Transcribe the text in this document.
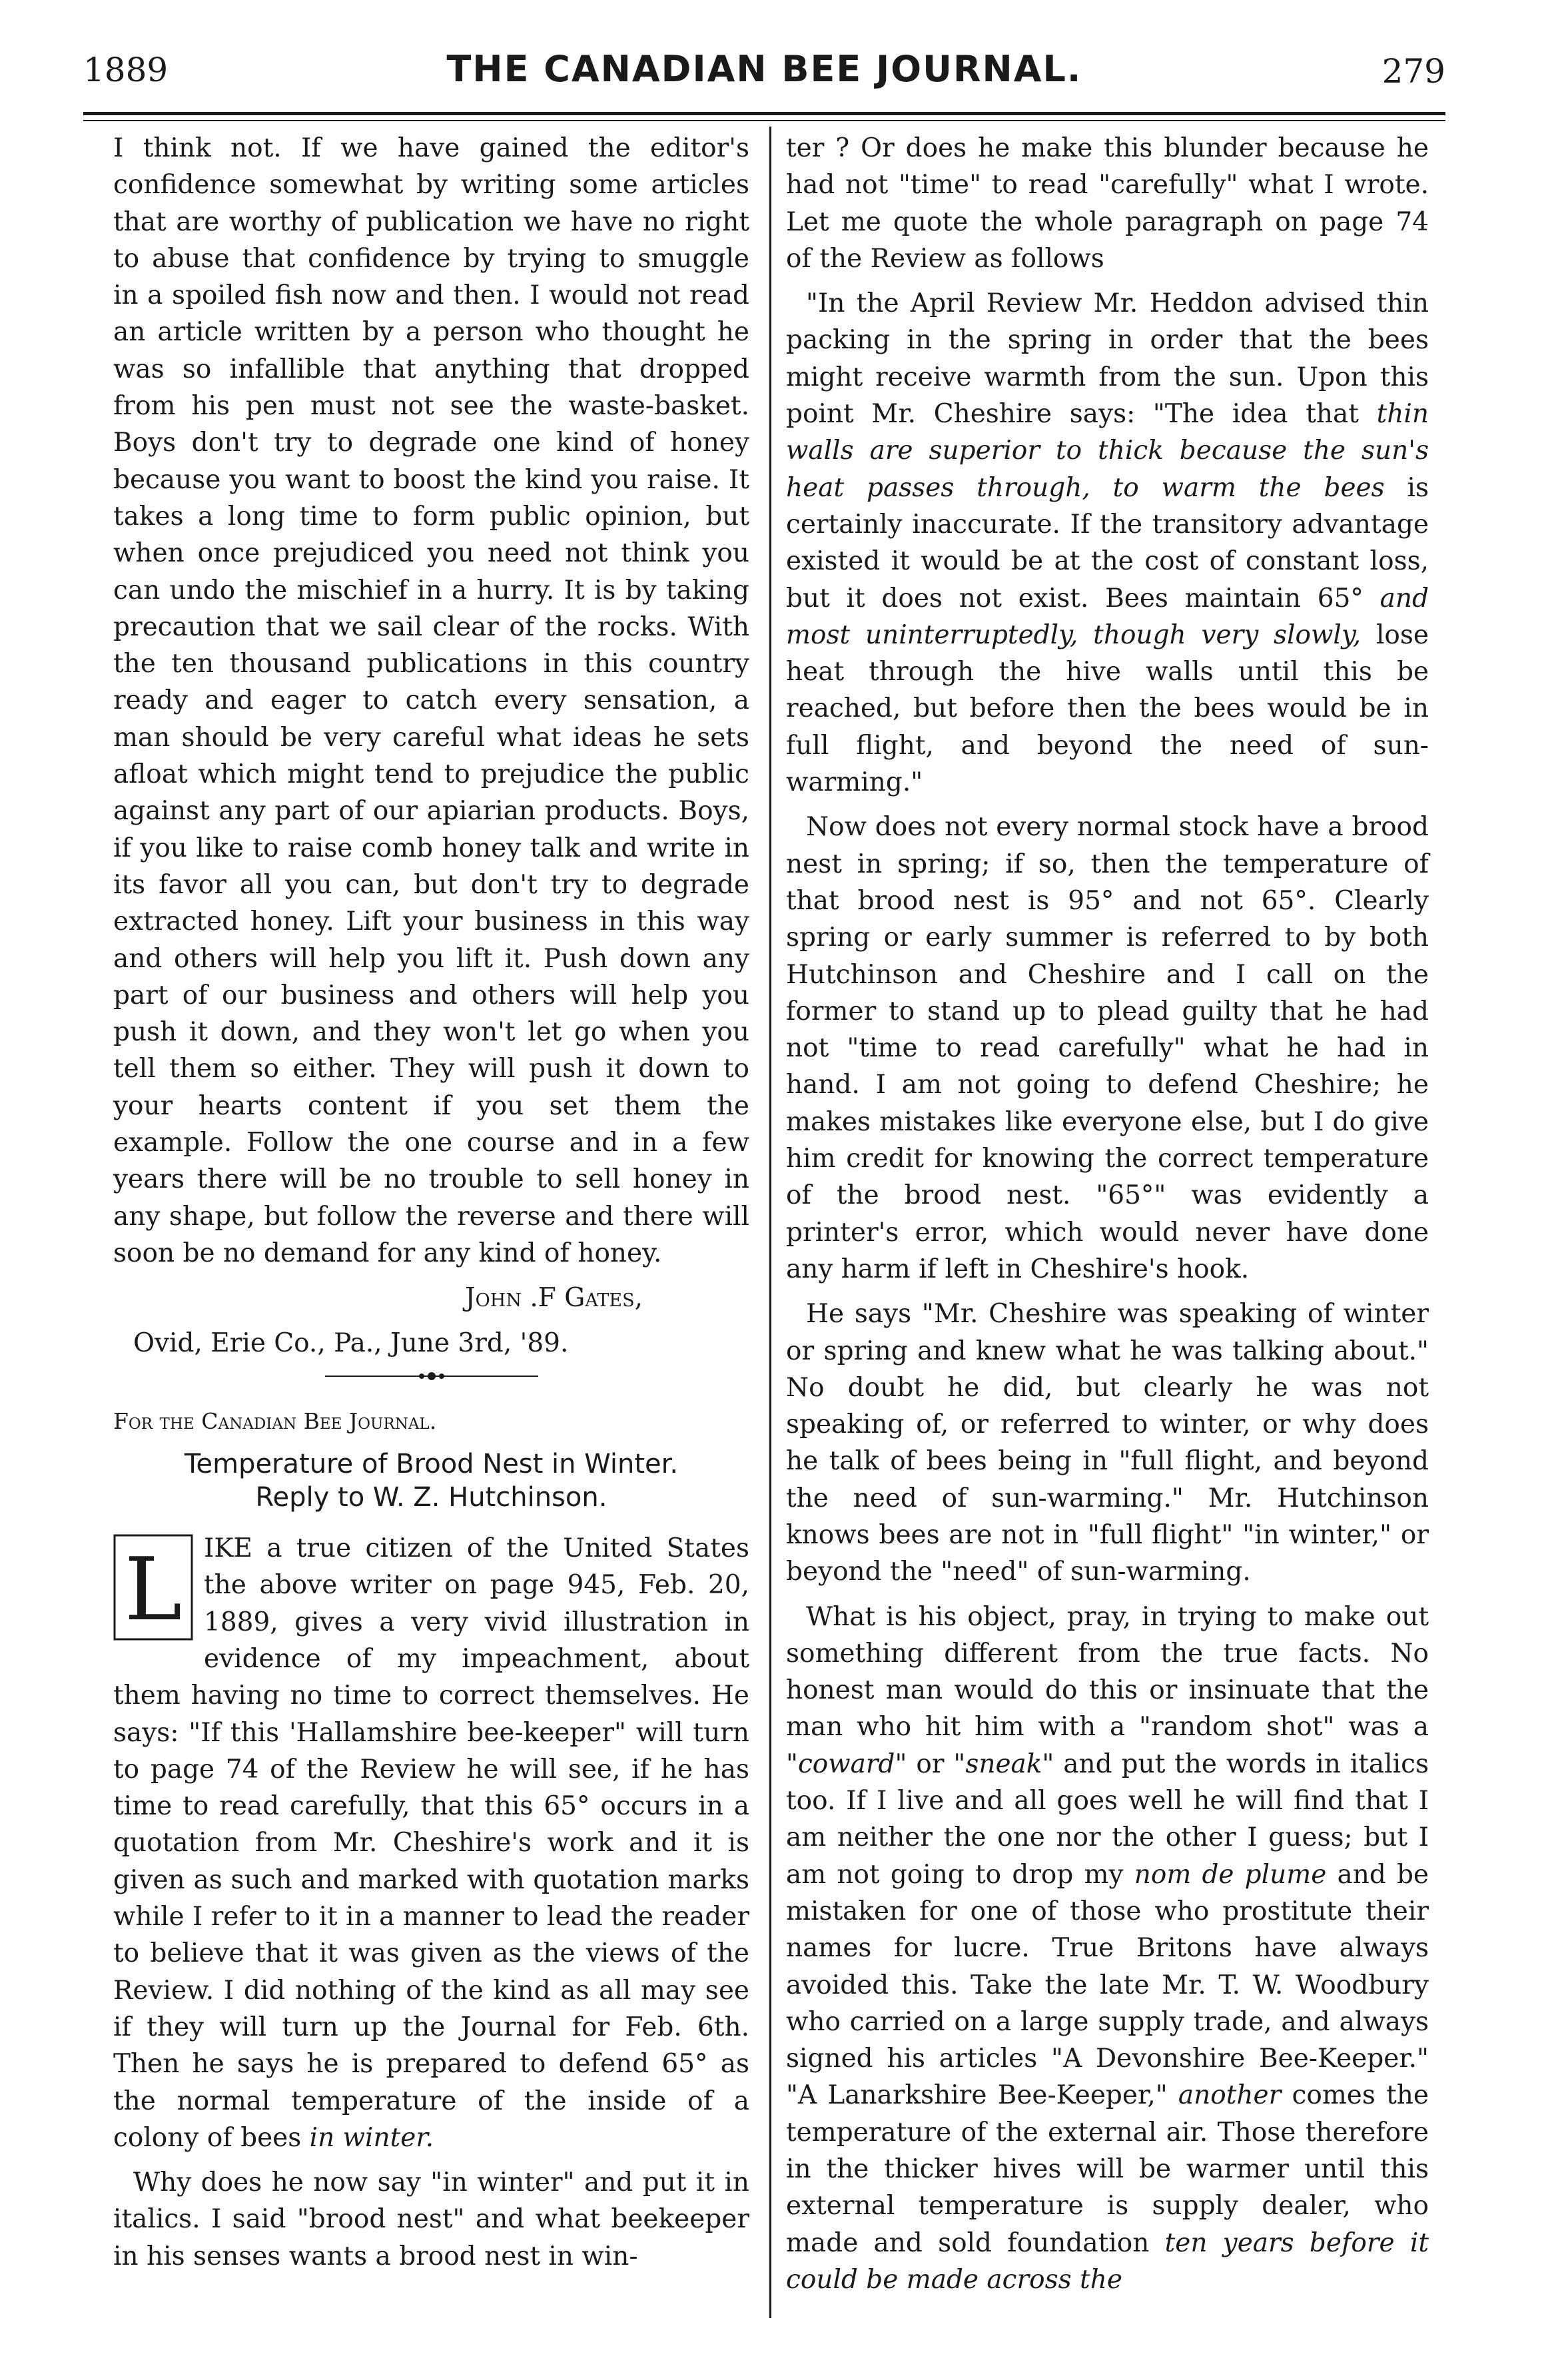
1889	THE CANADIAN BEE JOURNAL.	279

I think not. If we have gained the editor's confidence somewhat by writing some articles that are worthy of publication we have no right to abuse that confidence by trying to smuggle in a spoiled fish now and then. I would not read an article written by a person who thought he was so infallible that anything that dropped from his pen must not see the waste-basket. Boys don't try to degrade one kind of honey because you want to boost the kind you raise. It takes a long time to form public opinion, but when once prejudiced you need not think you can undo the mischief in a hurry. It is by taking precaution that we sail clear of the rocks. With the ten thousand publications in this country ready and eager to catch every sensation, a man should be very careful what ideas he sets afloat which might tend to prejudice the public against any part of our apiarian products. Boys, if you like to raise comb honey talk and write in its favor all you can, but don't try to degrade extracted honey. Lift your business in this way and others will help you lift it. Push down any part of our business and others will help you push it down, and they won't let go when you tell them so either. They will push it down to your hearts content if you set them the example. Follow the one course and in a few years there will be no trouble to sell honey in any shape, but follow the reverse and there will soon be no demand for any kind of honey.

John .F Gates,

Ovid, Erie Co., Pa., June 3rd, '89.

For the Canadian Bee Journal.

Temperature of Brood Nest in Winter.
Reply to W. Z. Hutchinson.

L IKE a true citizen of the United States the above writer on page 945, Feb. 20, 1889, gives a very vivid illustration in evidence of my impeachment, about them having no time to correct themselves. He says: "If this 'Hallamshire bee-keeper" will turn to page 74 of the Review he will see, if he has time to read carefully, that this 65° occurs in a quotation from Mr. Cheshire's work and it is given as such and marked with quotation marks while I refer to it in a manner to lead the reader to believe that it was given as the views of the Review. I did nothing of the kind as all may see if they will turn up the Journal for Feb. 6th. Then he says he is prepared to defend 65° as the normal temperature of the inside of a colony of bees in winter.

Why does he now say "in winter" and put it in italics. I said "brood nest" and what beekeeper in his senses wants a brood nest in win-

ter ? Or does he make this blunder because he had not "time" to read "carefully" what I wrote. Let me quote the whole paragraph on page 74 of the Review as follows

"In the April Review Mr. Heddon advised thin packing in the spring in order that the bees might receive warmth from the sun. Upon this point Mr. Cheshire says: "The idea that thin walls are superior to thick because the sun's heat passes through, to warm the bees is certainly inaccurate. If the transitory advantage existed it would be at the cost of constant loss, but it does not exist. Bees maintain 65° and most uninterruptedly, though very slowly, lose heat through the hive walls until this be reached, but before then the bees would be in full flight, and beyond the need of sun-warming."

Now does not every normal stock have a brood nest in spring; if so, then the temperature of that brood nest is 95° and not 65°. Clearly spring or early summer is referred to by both Hutchinson and Cheshire and I call on the former to stand up to plead guilty that he had not "time to read carefully" what he had in hand. I am not going to defend Cheshire; he makes mistakes like everyone else, but I do give him credit for knowing the correct temperature of the brood nest. "65°" was evidently a printer's error, which would never have done any harm if left in Cheshire's hook.

He says "Mr. Cheshire was speaking of winter or spring and knew what he was talking about." No doubt he did, but clearly he was not speaking of, or referred to winter, or why does he talk of bees being in "full flight, and beyond the need of sun-warming." Mr. Hutchinson knows bees are not in "full flight" "in winter," or beyond the "need" of sun-warming.

What is his object, pray, in trying to make out something different from the true facts. No honest man would do this or insinuate that the man who hit him with a "random shot" was a "coward" or "sneak" and put the words in italics too. If I live and all goes well he will find that I am neither the one nor the other I guess; but I am not going to drop my nom de plume and be mistaken for one of those who prostitute their names for lucre. True Britons have always avoided this. Take the late Mr. T. W. Woodbury who carried on a large supply trade, and always signed his articles "A Devonshire Bee-Keeper." "A Lanarkshire Bee-Keeper," another comes the temperature of the external air. Those therefore in the thicker hives will be warmer until this external temperature is supply dealer, who made and sold foundation ten years before it could be made across the
